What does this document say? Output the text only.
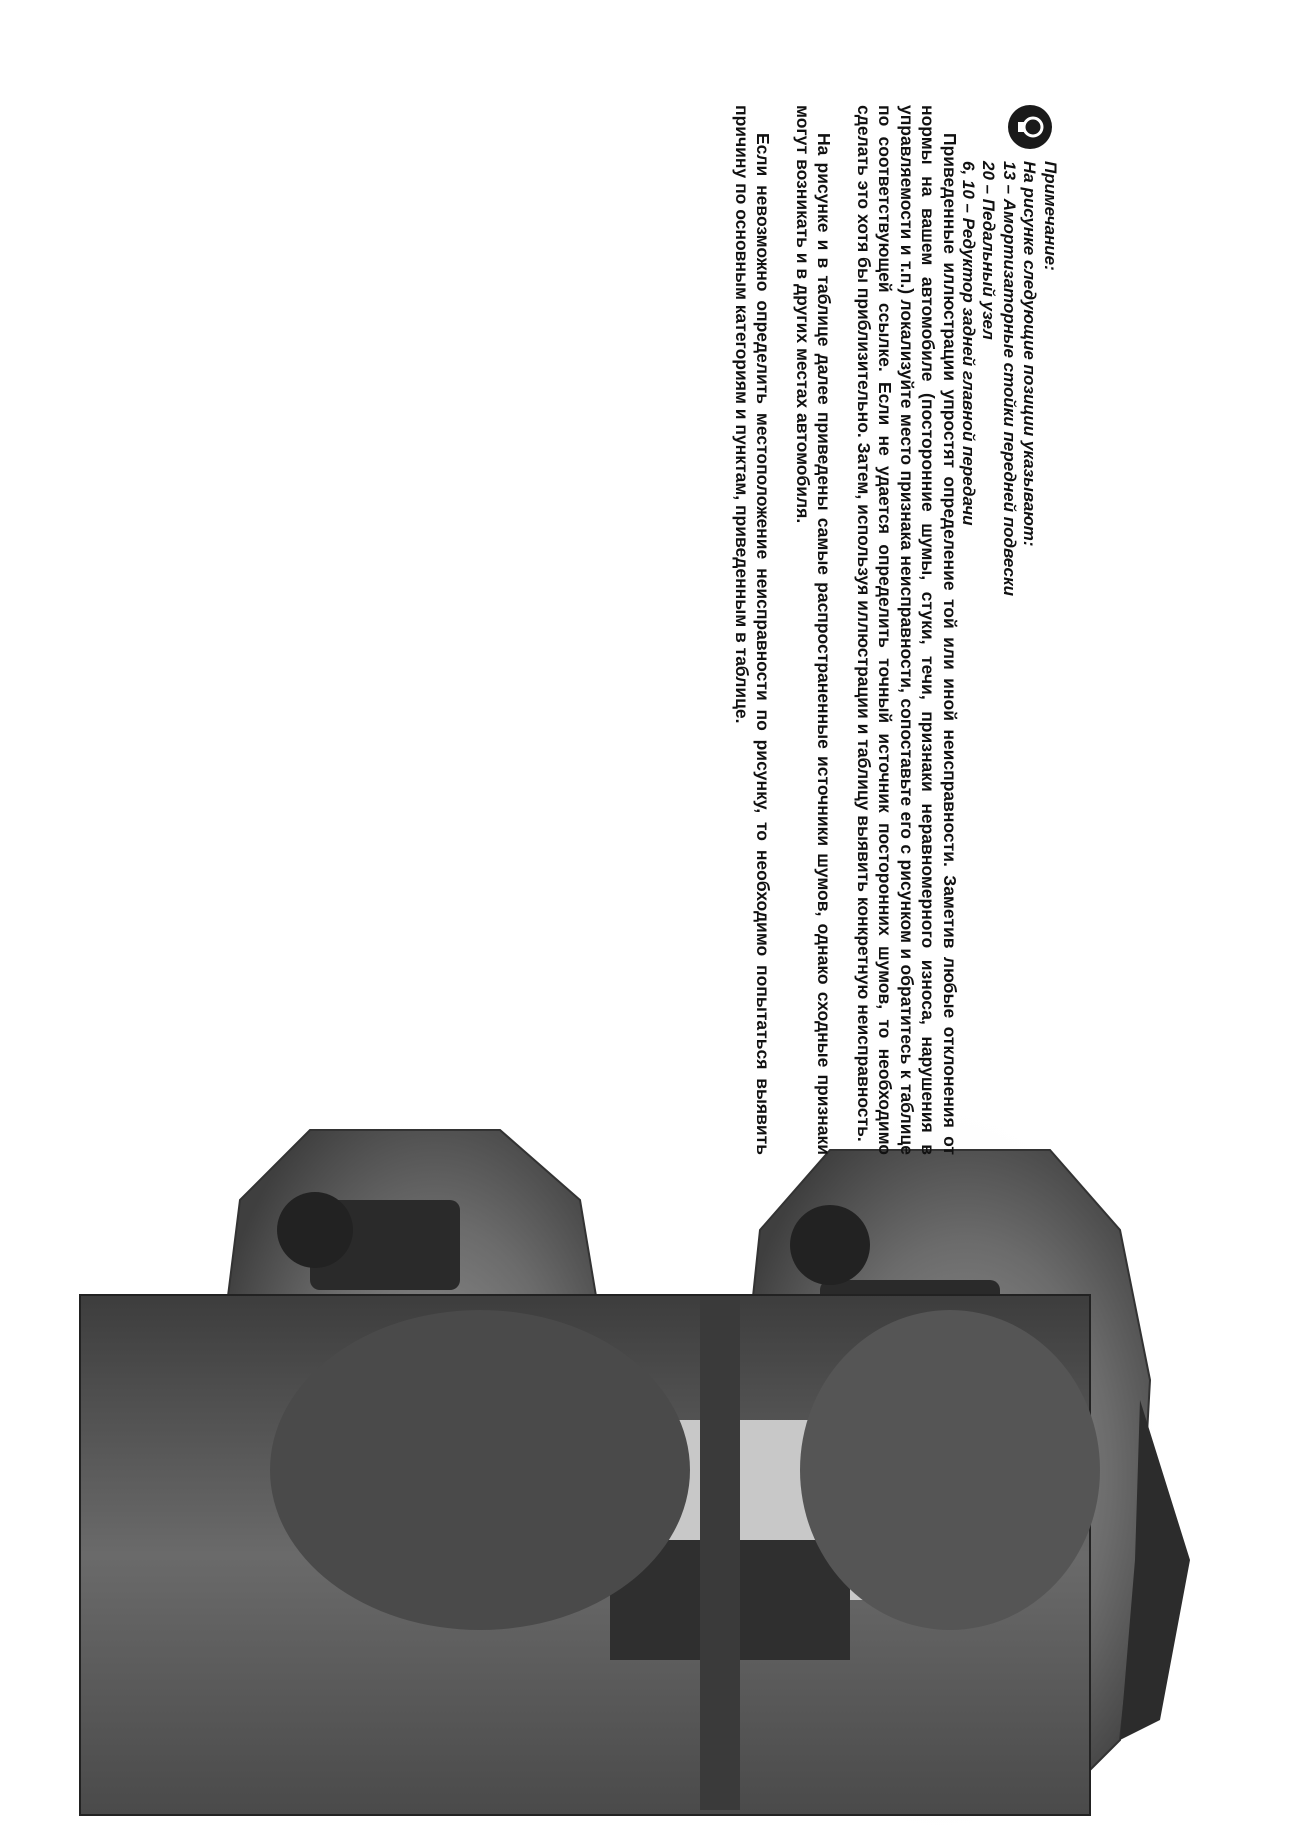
Примечание:
На рисунке следующие позиции указывают:
13 – Амортизаторные стойки передней подвески
20 – Педальный узел
6, 10 – Редуктор задней главной передачи

Приведенные иллюстрации упростят определение той или иной неисправности. Заметив любые отклонения от нормы на вашем автомобиле (посторонние шумы, стуки, течи, признаки неравномерного износа, нарушения в управляемости и т.п.) локализуйте место признака неисправности, сопоставьте его с рисунком и обратитесь к таблице по соответствующей ссылке. Если не удается определить точный источник посторонних шумов, то необходимо сделать это хотя бы приблизительно. Затем, используя иллюстрации и таблицу выявить конкретную неисправность.

На рисунке и в таблице далее приведены самые распространенные источники шумов, однако сходные признаки могут возникать и в других местах автомобиля.

Если невозможно определить местоположение неисправности по рисунку, то необходимо попытаться выявить причину по основным категориям и пунктам, приведенным в таблице.
